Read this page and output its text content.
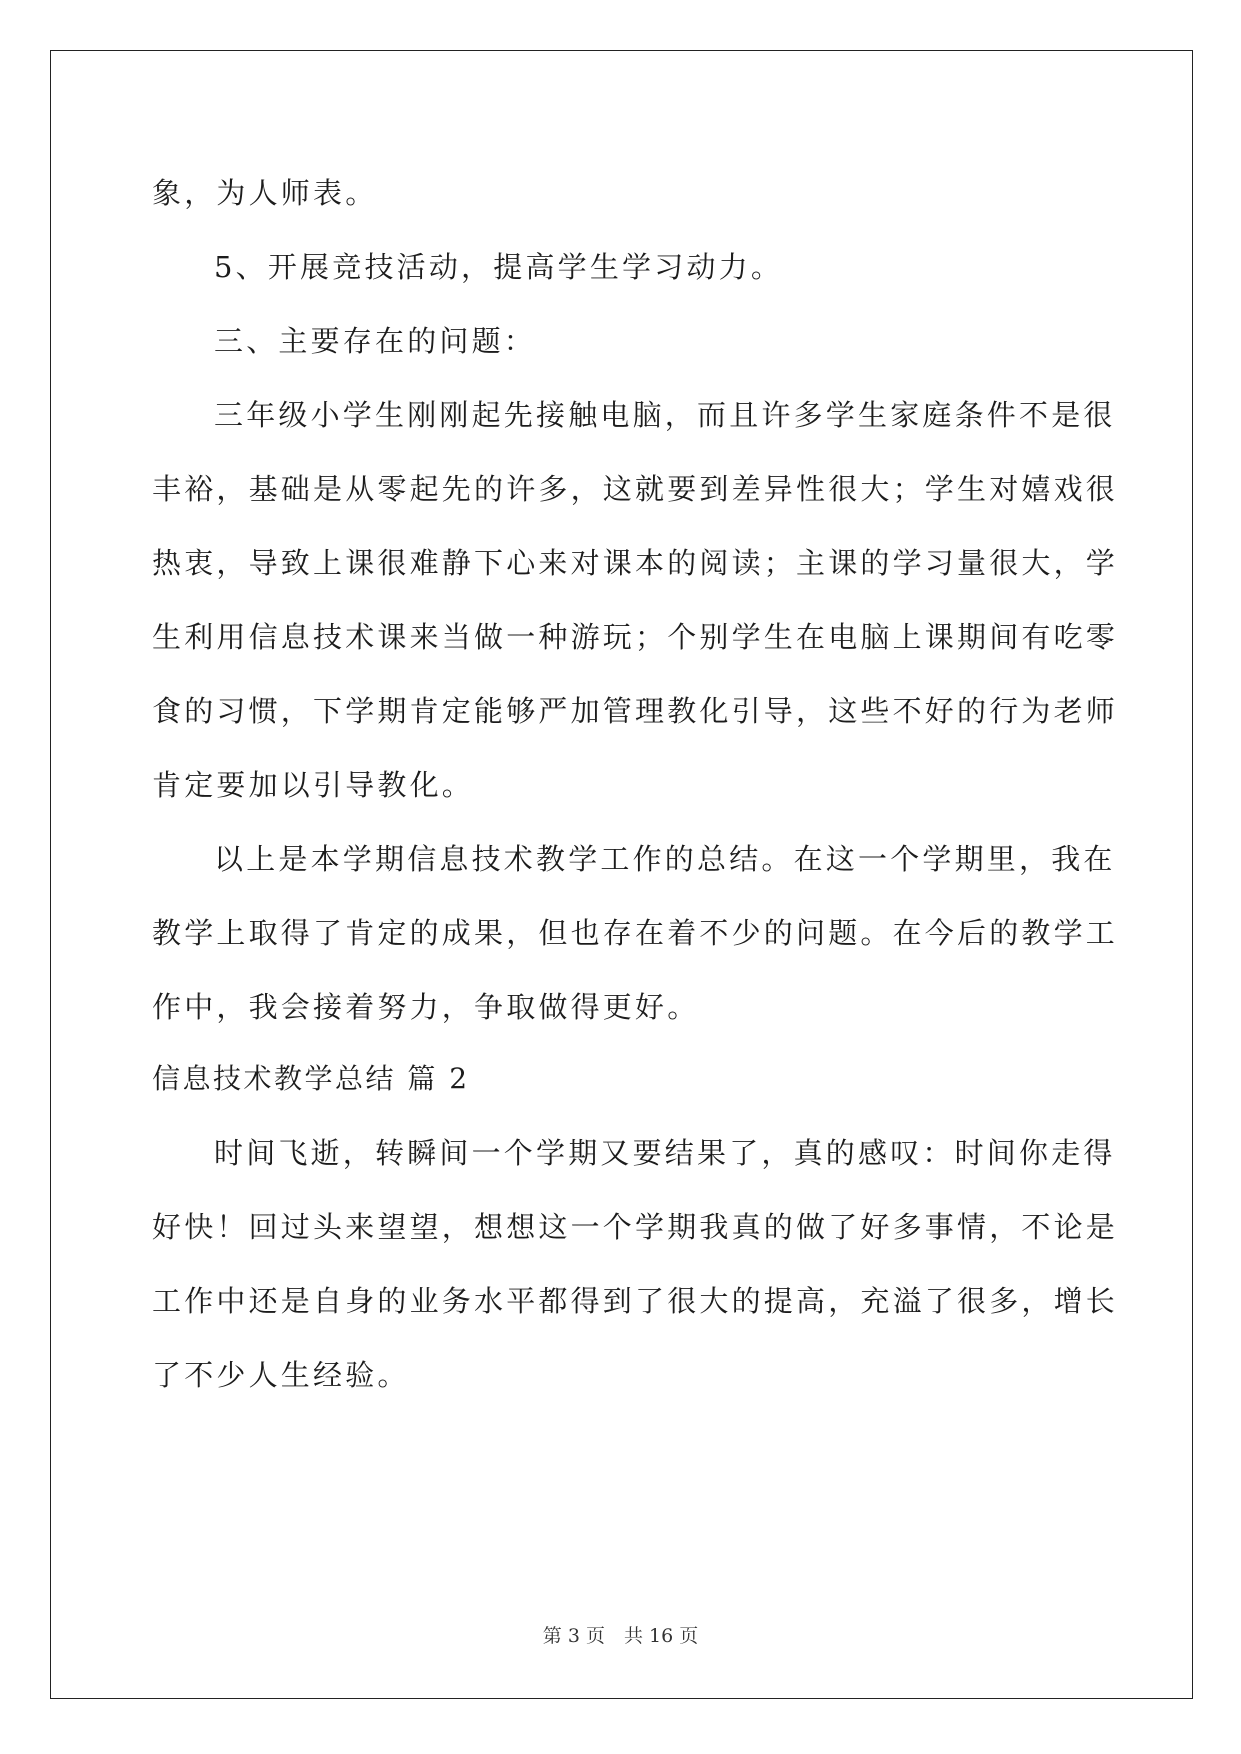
象，为人师表。
5、开展竞技活动，提高学生学习动力。
三、主要存在的问题：
三年级小学生刚刚起先接触电脑，而且许多学生家庭条件不是很
丰裕，基础是从零起先的许多，这就要到差异性很大；学生对嬉戏很
热衷，导致上课很难静下心来对课本的阅读；主课的学习量很大，学
生利用信息技术课来当做一种游玩；个别学生在电脑上课期间有吃零
食的习惯，下学期肯定能够严加管理教化引导，这些不好的行为老师
肯定要加以引导教化。
以上是本学期信息技术教学工作的总结。在这一个学期里，我在
教学上取得了肯定的成果，但也存在着不少的问题。在今后的教学工
作中，我会接着努力，争取做得更好。
信息技术教学总结 篇 2
时间飞逝，转瞬间一个学期又要结果了，真的感叹：时间你走得
好快！回过头来望望，想想这一个学期我真的做了好多事情，不论是
工作中还是自身的业务水平都得到了很大的提高，充溢了很多，增长
了不少人生经验。
第 3 页　共 16 页
